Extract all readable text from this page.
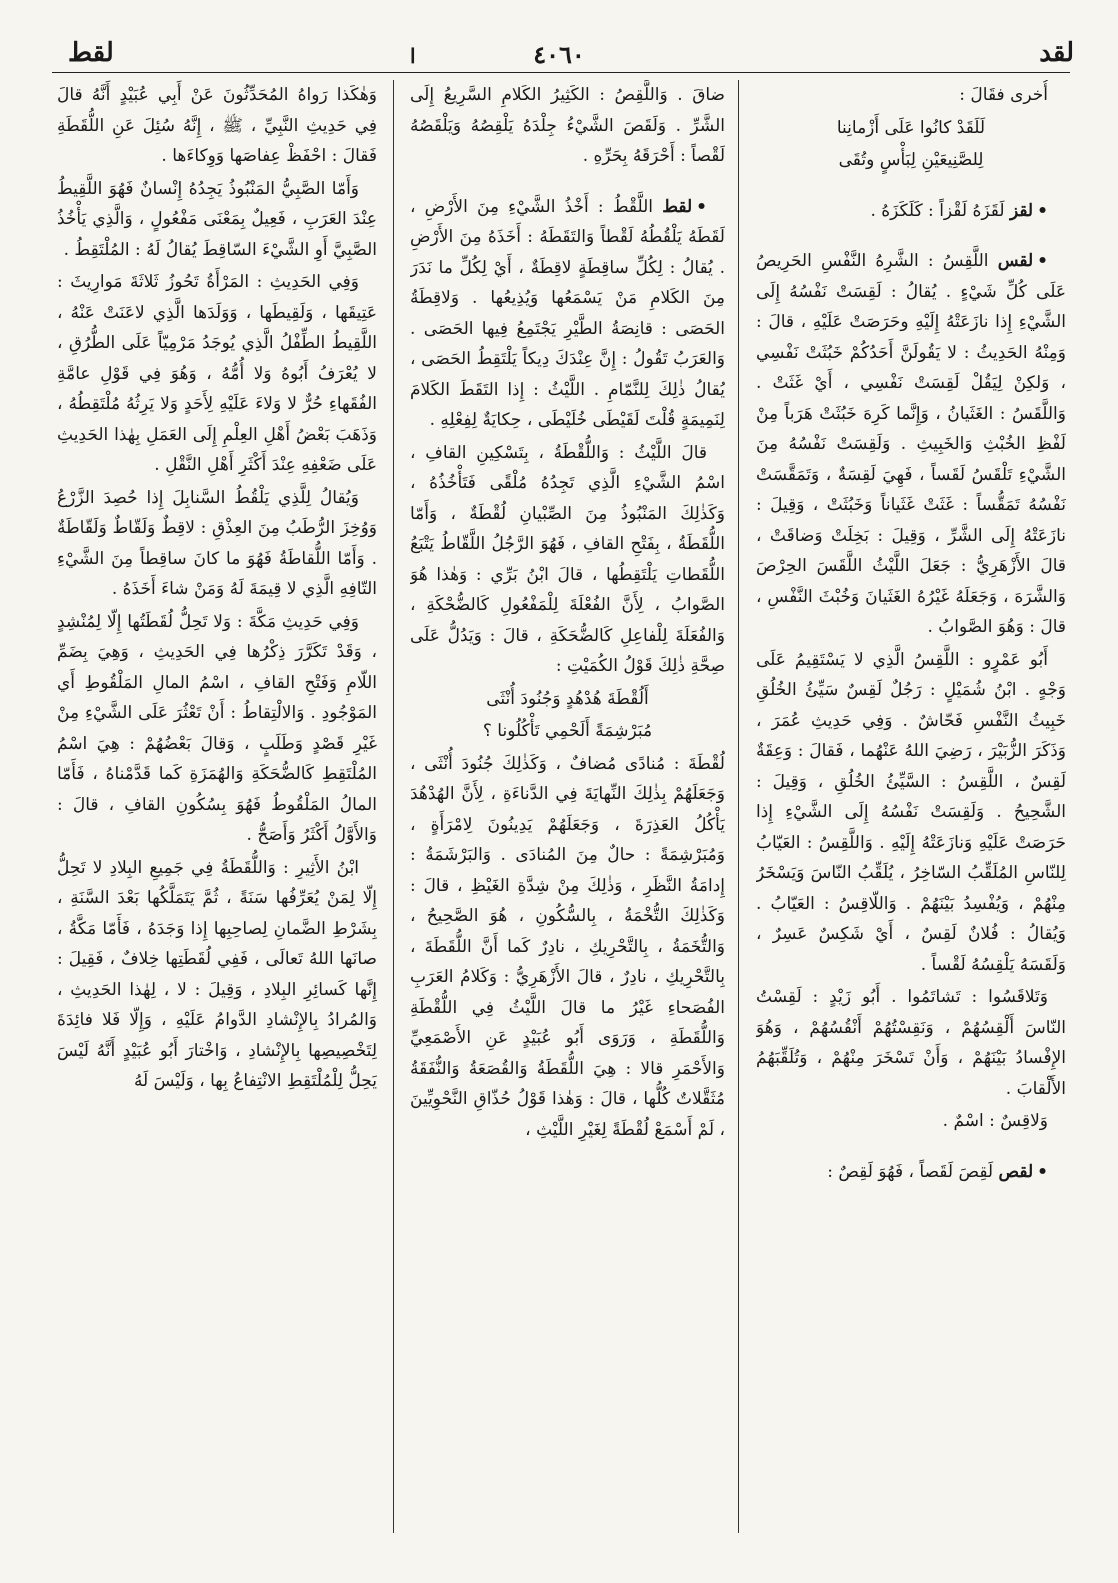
لقط	ا	٤٠٦٠	لقد

أُخرى فقَالَ :

لَلَقَدْ كانُوا عَلَى أَزْمانِنا

لِلصَّنِيعَيْنِ لِبَأْسٍ وتُقَى

•لقز لَقَزَهُ لَقْزاً : كَلَكَزَهُ .

•لقس اللَّقِسُ : الشَّرِهُ النَّفْسِ الحَرِيصُ عَلَى كُلِّ شَيْءٍ . يُقالُ : لَقِسَتْ نَفْسُهُ إِلَى الشَّيْءِ إِذا نازَعَتْهُ إِلَيْهِ وحَرَصَتْ عَلَيْهِ ، قالَ : وَمِنْهُ الحَدِيثُ : لا يَقُولَنَّ أَحَدُكُمْ خَبُثَتْ نَفْسِي ، وَلكِنْ لِيَقُلْ لَقِسَتْ نَفْسِي ، أَيْ غَثَتْ . وَاللَّقَسُ : الغَثَيانُ ، وَإِنَّما كَرِهَ خَبُثَتْ هَرَباً مِنْ لَفْظِ الخُبْثِ وَالخَبِيثِ . وَلَقِسَتْ نَفْسُهُ مِنَ الشَّيْءِ تَلْقَسُ لَقَساً ، فَهِيَ لَقِسَةٌ ، وَتَمَقَّسَتْ نَفْسُهُ تَمَقُّساً : غَثَتْ غَثَياناً وَخَبُثَتْ ، وَقِيلَ : نازَعَتْهُ إِلَى الشَّرِّ ، وَقِيلَ : بَخِلَتْ وَضاقَتْ ، قالَ الأَزْهَرِيُّ : جَعَلَ اللَّيْثُ اللَّقَسَ الحِرْصَ وَالشَّرَهَ ، وَجَعَلَهُ غَيْرُهُ الغَثَيانَ وَخُبْثَ النَّفْسِ ، قالَ : وَهُوَ الصَّوابُ .

أَبُو عَمْرٍو : اللَّقِسُ الَّذِي لا يَسْتَقِيمُ عَلَى وَجْهٍ . ابْنُ شُمَيْلٍ : رَجُلٌ لَقِسٌ سَيِّئُ الخُلُقِ خَبِيثُ النَّفْسِ فَحّاشٌ . وَفِي حَدِيثِ عُمَرَ ، وَذَكَرَ الزُّبَيْرَ ، رَضِيَ اللهُ عَنْهُما ، فَقالَ : وَعِقَةٌ لَقِسٌ ، اللَّقِسُ : السَّيِّئُ الخُلُقِ ، وَقِيلَ : الشَّحِيحُ . وَلَقِسَتْ نَفْسُهُ إِلَى الشَّيْءِ إِذا حَرَصَتْ عَلَيْهِ وَنازَعَتْهُ إِلَيْهِ . وَاللَّقِسُ : العَيّابُ لِلنّاسِ المُلَقِّبُ السّاخِرُ ، يُلَقِّبُ النّاسَ وَيَسْخَرُ مِنْهُمْ ، وَيُفْسِدُ بَيْنَهُمْ . وَاللّاقِسُ : العَيّابُ . وَيُقالُ : فُلانٌ لَقِسٌ ، أَيْ شَكِسٌ عَسِرٌ ، وَلَقَسَهُ يَلْقِسُهُ لَقْساً .

وَتَلاقَسُوا : تَشاتَمُوا . أَبُو زَيْدٍ : لَقِسْتُ النّاسَ أَلْقِسُهُمْ ، وَنَقِسْتُهُمْ أَنْقُسُهُمْ ، وَهُوَ الإِفْسادُ بَيْنَهُمْ ، وَأَنْ تَسْخَرَ مِنْهُمْ ، وَتُلَقِّبَهُمُ الأَلْقابَ .

وَلاقِسٌ : اسْمٌ .

•لقص لَقِصَ لَقَصاً ، فَهُوَ لَقِصٌ :

ضاقَ . وَاللَّقِصُ : الكَثِيرُ الكَلامِ السَّرِيعُ إِلَى الشَّرِّ . وَلَقَصَ الشَّيْءُ جِلْدَهُ يَلْقِصُهُ وَيَلْقَصُهُ لَقْصاً : أَحْرَقَهُ بِحَرِّهِ .

•لقط اللَّقْطُ : أَخْذُ الشَّيْءِ مِنَ الأَرْضِ ، لَقَطَهُ يَلْقُطُهُ لَقْطاً وَالتَقَطَهُ : أَخَذَهُ مِنَ الأَرْضِ . يُقالُ : لِكُلِّ ساقِطَةٍ لاقِطَةٌ ، أَيْ لِكُلِّ ما نَدَرَ مِنَ الكَلامِ مَنْ يَسْمَعُها وَيُذِيعُها . وَلاقِطَةُ الحَصَى : قانِصَةُ الطَّيْرِ يَجْتَمِعُ فِيها الحَصَى . وَالعَرَبُ تَقُولُ : إِنَّ عِنْدَكَ دِيكاً يَلْتَقِطُ الحَصَى ، يُقالُ ذٰلِكَ لِلنَّمّامِ . اللَّيْثُ : إِذا التَقَطَ الكَلامَ لِنَمِيمَةٍ قُلْتَ لَقَيْطَى خُلَيْطَى ، حِكايَةٌ لِفِعْلِهِ .

قالَ اللَّيْثُ : وَاللُّقْطَةُ ، بِتَسْكِينِ القافِ ، اسْمُ الشَّيْءِ الَّذِي تَجِدُهُ مُلْقًى فَتَأْخُذُهُ ، وَكَذٰلِكَ المَنْبُوذُ مِنَ الصِّبْيانِ لُقْطَةٌ ، وَأَمّا اللُّقَطَةُ ، بِفَتْحِ القافِ ، فَهُوَ الرَّجُلُ اللَّقّاطُ يَتْبَعُ اللُّقَطاتِ يَلْتَقِطُها ، قالَ ابْنُ بَرِّي : وَهٰذا هُوَ الصَّوابُ ، لِأَنَّ الفُعْلَةَ لِلْمَفْعُولِ كَالضُّحْكَةِ ، وَالفُعَلَةَ لِلْفاعِلِ كَالضُّحَكَةِ ، قالَ : وَيَدُلُّ عَلَى صِحَّةِ ذٰلِكَ قَوْلُ الكُمَيْتِ :

أَلُقْطَةَ هُدْهُدٍ وَجُنُودَ أُنْثَى

مُبَرْشِمَةً أَلَحْمِي تَأْكُلُونا ؟

لُقْطَةَ : مُنادًى مُضافٌ ، وَكَذٰلِكَ جُنُودَ أُنْثَى ، وَجَعَلَهُمْ بِذٰلِكَ النِّهايَةَ فِي الدَّناءَةِ ، لِأَنَّ الهُدْهُدَ يَأْكُلُ العَذِرَةَ ، وَجَعَلَهُمْ يَدِينُونَ لِامْرَأَةٍ ، وَمُبَرْشِمَةً : حالٌ مِنَ المُنادَى . وَالبَرْشَمَةُ : إِدامَةُ النَّظَرِ ، وَذٰلِكَ مِنْ شِدَّةِ الغَيْظِ ، قالَ : وَكَذٰلِكَ التُّخْمَةُ ، بِالسُّكُونِ ، هُوَ الصَّحِيحُ ، وَالتُّخَمَةُ ، بِالتَّحْرِيكِ ، نادِرٌ كَما أَنَّ اللُّقَطَةَ ، بِالتَّحْرِيكِ ، نادِرٌ ، قالَ الأَزْهَرِيُّ : وَكَلامُ العَرَبِ الفُصَحاءِ غَيْرُ ما قالَ اللَّيْثُ فِي اللُّقْطَةِ وَاللُّقَطَةِ ، وَرَوَى أَبُو عُبَيْدٍ عَنِ الأَصْمَعِيِّ وَالأَحْمَرِ قالا : هِيَ اللُّقَطَةُ وَالقُصَعَةُ وَالنُّفَقَةُ مُثَقَّلاتٌ كُلُّها ، قالَ : وَهٰذا قَوْلُ حُذّاقِ النَّحْوِيِّينَ ، لَمْ أَسْمَعْ لُقْطَةً لِغَيْرِ اللَّيْثِ ،

وَهٰكَذا رَواهُ المُحَدِّثُونَ عَنْ أَبِي عُبَيْدٍ أَنَّهُ قالَ فِي حَدِيثِ النَّبِيِّ ، ﷺ ، إِنَّهُ سُئِلَ عَنِ اللُّقَطَةِ فَقالَ : احْفَظْ عِفاصَها وَوِكاءَها .

وَأَمّا الصَّبِيُّ المَنْبُوذُ يَجِدُهُ إِنْسانٌ فَهُوَ اللَّقِيطُ عِنْدَ العَرَبِ ، فَعِيلٌ بِمَعْنَى مَفْعُولٍ ، وَالَّذِي يَأْخُذُ الصَّبِيَّ أَوِ الشَّيْءَ السّاقِطَ يُقالُ لَهُ : المُلْتَقِطُ .

وَفِي الحَدِيثِ : المَرْأَةُ تَحُوزُ ثَلاثَةَ مَوارِيثَ : عَتِيقَها ، وَلَقِيطَها ، وَوَلَدَها الَّذِي لاعَنَتْ عَنْهُ ، اللَّقِيطُ الطِّفْلُ الَّذِي يُوجَدُ مَرْمِيّاً عَلَى الطُّرُقِ ، لا يُعْرَفُ أَبُوهُ وَلا أُمُّهُ ، وَهُوَ فِي قَوْلِ عامَّةِ الفُقَهاءِ حُرٌّ لا وَلاءَ عَلَيْهِ لِأَحَدٍ وَلا يَرِثُهُ مُلْتَقِطُهُ ، وَذَهَبَ بَعْضُ أَهْلِ العِلْمِ إِلَى العَمَلِ بِهٰذا الحَدِيثِ عَلَى ضَعْفِهِ عِنْدَ أَكْثَرِ أَهْلِ النَّقْلِ .

وَيُقالُ لِلَّذِي يَلْقُطُ السَّنابِلَ إِذا حُصِدَ الزَّرْعُ وَوُخِزَ الرُّطَبُ مِنَ العِذْقِ : لاقِطٌ وَلَقّاطٌ وَلَقّاطَةٌ . وَأَمّا اللُّقاطَةُ فَهُوَ ما كانَ ساقِطاً مِنَ الشَّيْءِ التّافِهِ الَّذِي لا قِيمَةَ لَهُ وَمَنْ شاءَ أَخَذَهُ .

وَفِي حَدِيثِ مَكَّةَ : وَلا تَحِلُّ لُقَطَتُها إِلّا لِمُنْشِدٍ ، وَقَدْ تَكَرَّرَ ذِكْرُها فِي الحَدِيثِ ، وَهِيَ بِضَمِّ اللّامِ وَفَتْحِ القافِ ، اسْمُ المالِ المَلْقُوطِ أَي المَوْجُودِ . وَالالْتِقاطُ : أَنْ تَعْثُرَ عَلَى الشَّيْءِ مِنْ غَيْرِ قَصْدٍ وَطَلَبٍ ، وَقالَ بَعْضُهُمْ : هِيَ اسْمُ المُلْتَقِطِ كَالضُّحَكَةِ وَالهُمَزَةِ كَما قَدَّمْناهُ ، فَأَمّا المالُ المَلْقُوطُ فَهُوَ بِسُكُونِ القافِ ، قالَ : وَالأَوَّلُ أَكْثَرُ وَأَصَحُّ .

ابْنُ الأَثِيرِ : وَاللُّقَطَةُ فِي جَمِيعِ البِلادِ لا تَحِلُّ إِلّا لِمَنْ يُعَرِّفُها سَنَةً ، ثُمَّ يَتَمَلَّكُها بَعْدَ السَّنَةِ ، بِشَرْطِ الضَّمانِ لِصاحِبِها إِذا وَجَدَهُ ، فَأَمّا مَكَّةُ ، صانَها اللهُ تَعالَى ، فَفِي لُقَطَتِها خِلافٌ ، فَقِيلَ : إِنَّها كَسائِرِ البِلادِ ، وَقِيلَ : لا ، لِهٰذا الحَدِيثِ ، وَالمُرادُ بِالإِنْشادِ الدَّوامُ عَلَيْهِ ، وَإِلّا فَلا فائِدَةَ لِتَخْصِيصِها بِالإِنْشادِ ، وَاخْتارَ أَبُو عُبَيْدٍ أَنَّهُ لَيْسَ يَحِلُّ لِلْمُلْتَقِطِ الانْتِفاعُ بِها ، وَلَيْسَ لَهُ
